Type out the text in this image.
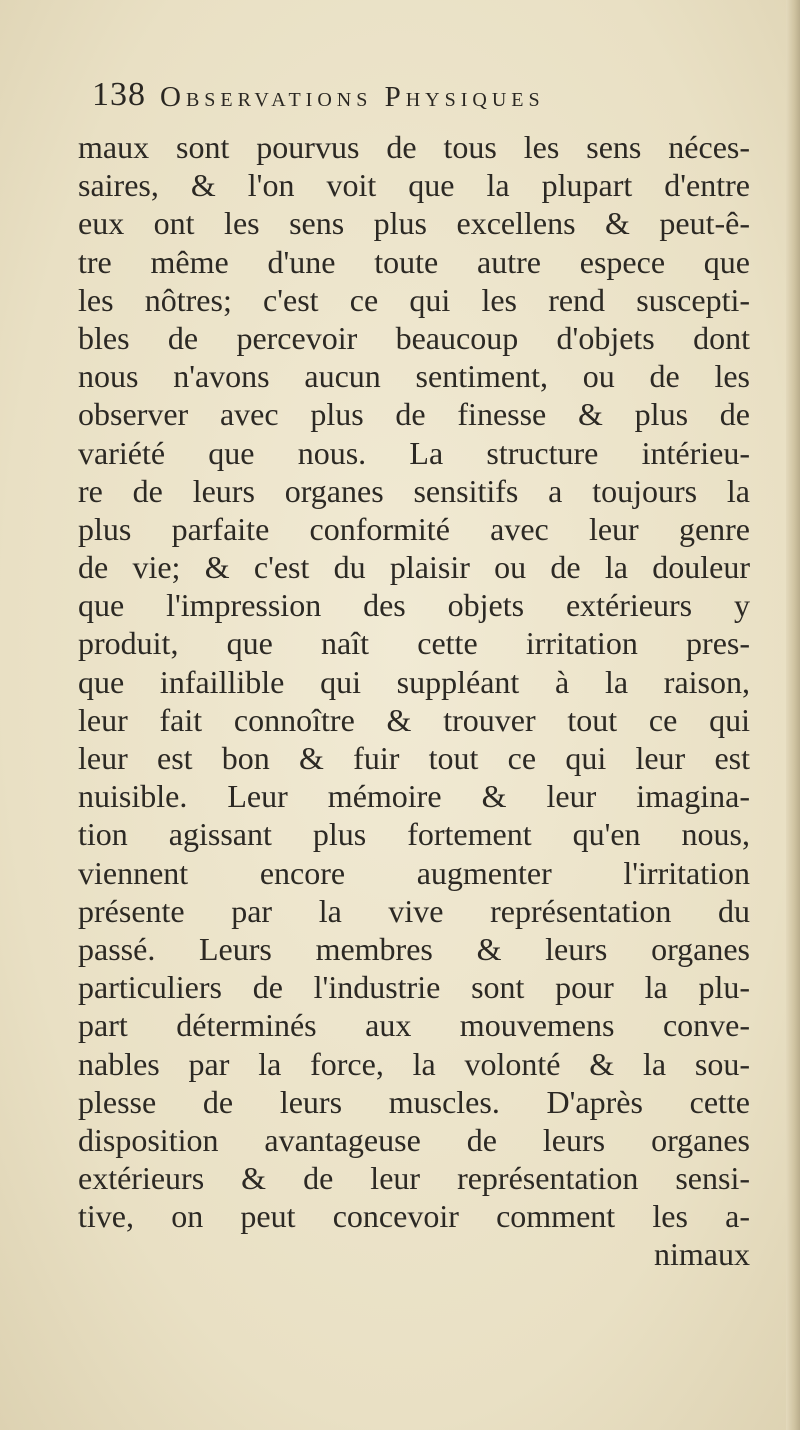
138 Observations Physiques
maux sont pourvus de tous les sens néces-
saires, & l'on voit que la plupart d'entre
eux ont les sens plus excellens & peut-ê-
tre même d'une toute autre espece que
les nôtres; c'est ce qui les rend suscepti-
bles de percevoir beaucoup d'objets dont
nous n'avons aucun sentiment, ou de les
observer avec plus de finesse & plus de
variété que nous. La structure intérieu-
re de leurs organes sensitifs a toujours la
plus parfaite conformité avec leur genre
de vie; & c'est du plaisir ou de la douleur
que l'impression des objets extérieurs y
produit, que naît cette irritation pres-
que infaillible qui suppléant à la raison,
leur fait connoître & trouver tout ce qui
leur est bon & fuir tout ce qui leur est
nuisible. Leur mémoire & leur imagina-
tion agissant plus fortement qu'en nous,
viennent encore augmenter l'irritation
présente par la vive représentation du
passé. Leurs membres & leurs organes
particuliers de l'industrie sont pour la plu-
part déterminés aux mouvemens conve-
nables par la force, la volonté & la sou-
plesse de leurs muscles. D'après cette
disposition avantageuse de leurs organes
extérieurs & de leur représentation sensi-
tive, on peut concevoir comment les a-
nimaux
